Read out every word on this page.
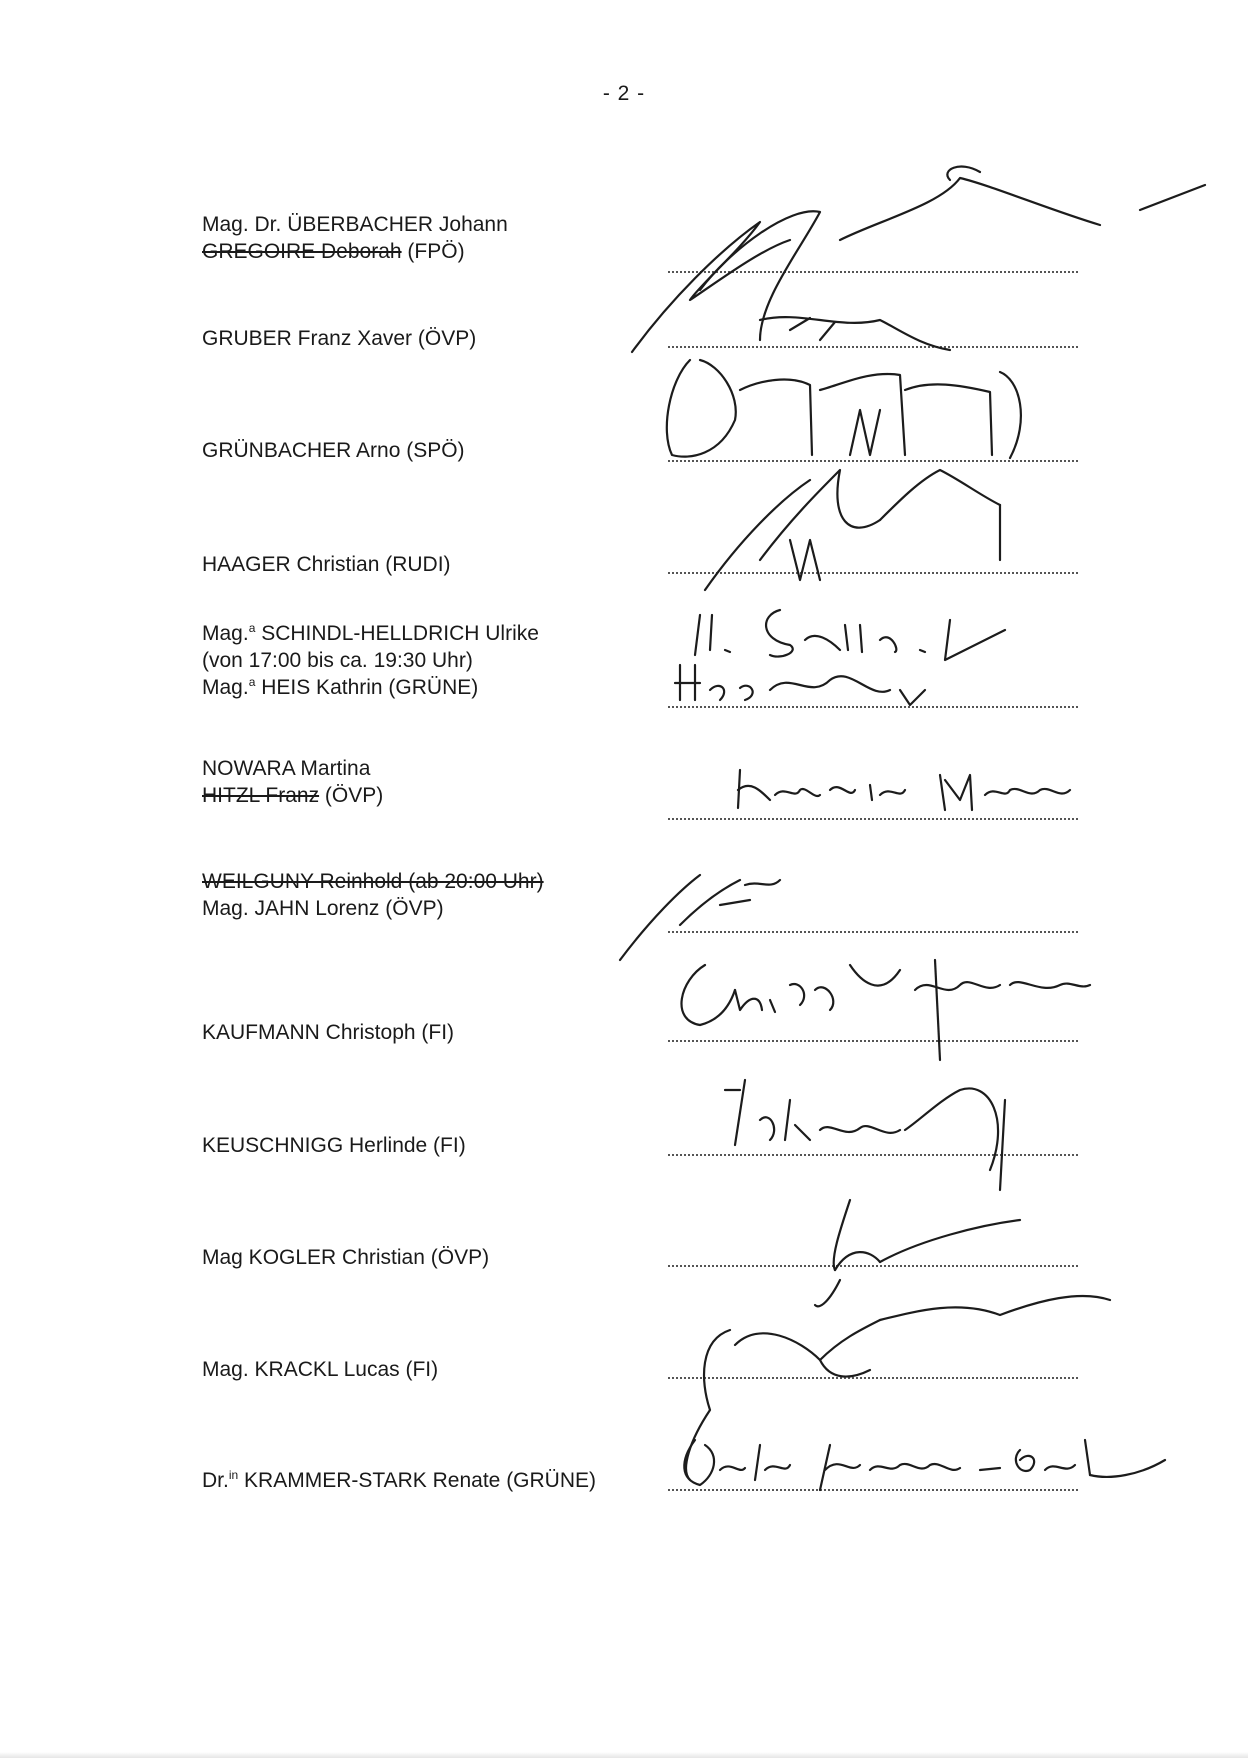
- 2 -
Mag. Dr. ÜBERBACHER Johann
GREGOIRE Deborah (FPÖ)
GRUBER Franz Xaver (ÖVP)
GRÜNBACHER Arno (SPÖ)
HAAGER Christian (RUDI)
Mag.$^a$ SCHINDL-HELLDRICH Ulrike
(von 17:00 bis ca. 19:30 Uhr)
Mag.$^a$ HEIS Kathrin (GRÜNE)
NOWARA Martina
HITZL Franz (ÖVP)
WEILGUNY Reinhold (ab 20:00 Uhr)
Mag. JAHN Lorenz (ÖVP)
KAUFMANN Christoph (FI)
KEUSCHNIGG Herlinde (FI)
Mag KOGLER Christian (ÖVP)
Mag. KRACKL Lucas (FI)
Dr.$^{in}$ KRAMMER-STARK Renate (GRÜNE)
